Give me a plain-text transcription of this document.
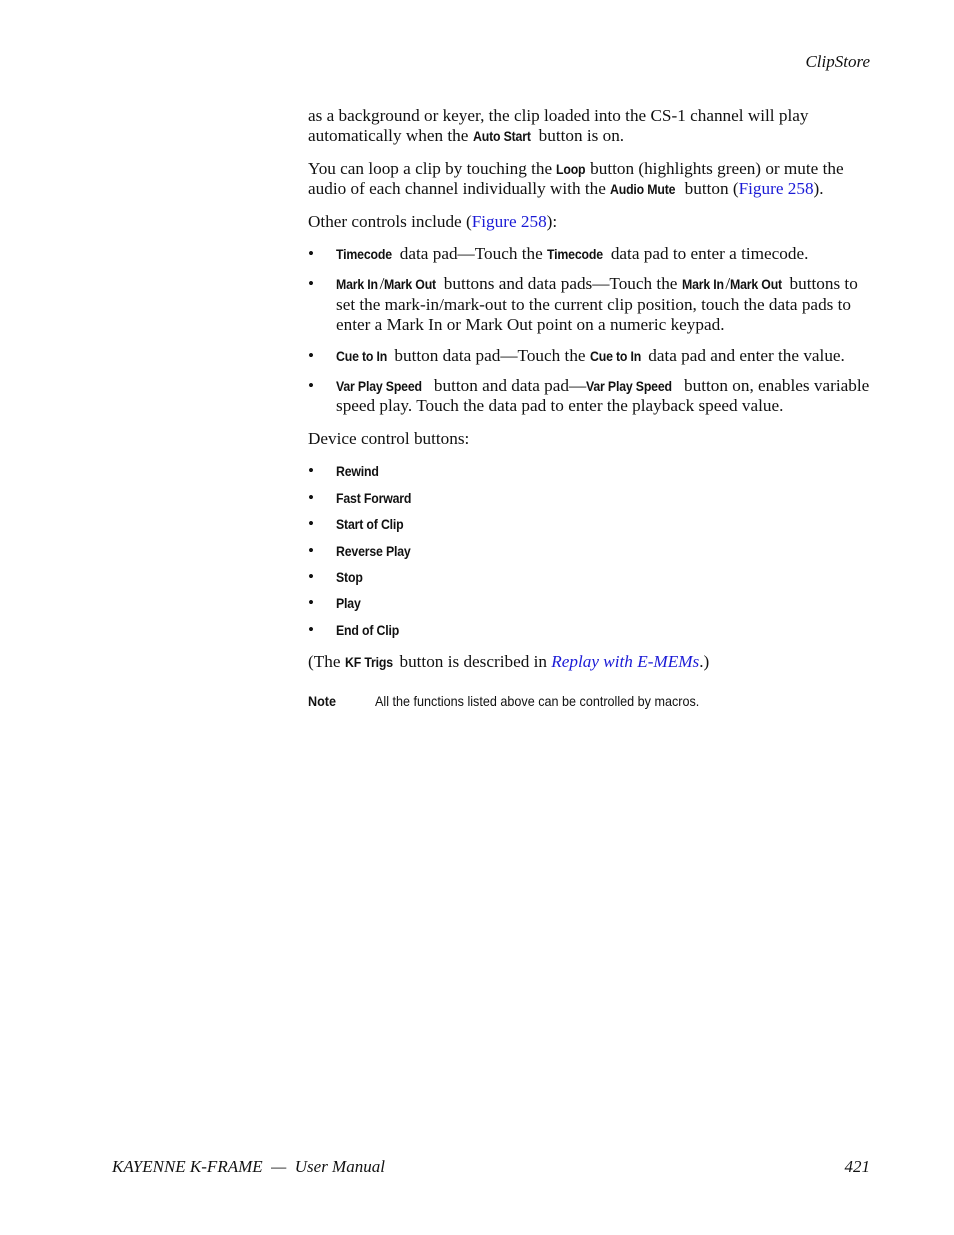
ClipStore

as a background or keyer, the clip loaded into the CS-1 channel will play automatically when the Auto Start button is on.

You can loop a clip by touching the Loop button (highlights green) or mute the audio of each channel individually with the Audio Mute button (Figure 258).

Other controls include (Figure 258):

• Timecode data pad—Touch the Timecode data pad to enter a timecode.
• Mark In/Mark Out buttons and data pads—Touch the Mark In/Mark Out buttons to set the mark-in/mark-out to the current clip position, touch the data pads to enter a Mark In or Mark Out point on a numeric keypad.
• Cue to In button data pad—Touch the Cue to In data pad and enter the value.
• Var Play Speed button and data pad—Var Play Speed button on, enables variable speed play. Touch the data pad to enter the playback speed value.

Device control buttons:

• Rewind
• Fast Forward
• Start of Clip
• Reverse Play
• Stop
• Play
• End of Clip

(The KF Trigs button is described in Replay with E-MEMs.)

Note	All the functions listed above can be controlled by macros.
KAYENNE K-FRAME  —  User Manual	421
